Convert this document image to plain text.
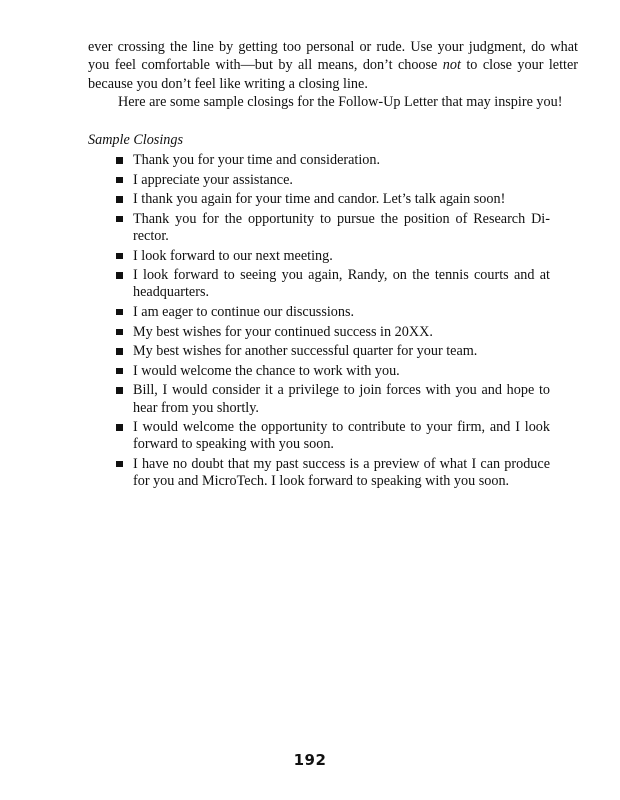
ever crossing the line by getting too personal or rude. Use your judgment, do what you feel comfortable with—but by all means, don’t choose not to close your letter because you don’t feel like writing a closing line.

Here are some sample closings for the Follow-Up Letter that may inspire you!

Sample Closings
Thank you for your time and consideration.
I appreciate your assistance.
I thank you again for your time and candor. Let’s talk again soon!
Thank you for the opportunity to pursue the position of Research Director.
I look forward to our next meeting.
I look forward to seeing you again, Randy, on the tennis courts and at headquarters.
I am eager to continue our discussions.
My best wishes for your continued success in 20XX.
My best wishes for another successful quarter for your team.
I would welcome the chance to work with you.
Bill, I would consider it a privilege to join forces with you and hope to hear from you shortly.
I would welcome the opportunity to contribute to your firm, and I look forward to speaking with you soon.
I have no doubt that my past success is a preview of what I can produce for you and MicroTech. I look forward to speaking with you soon.
192
